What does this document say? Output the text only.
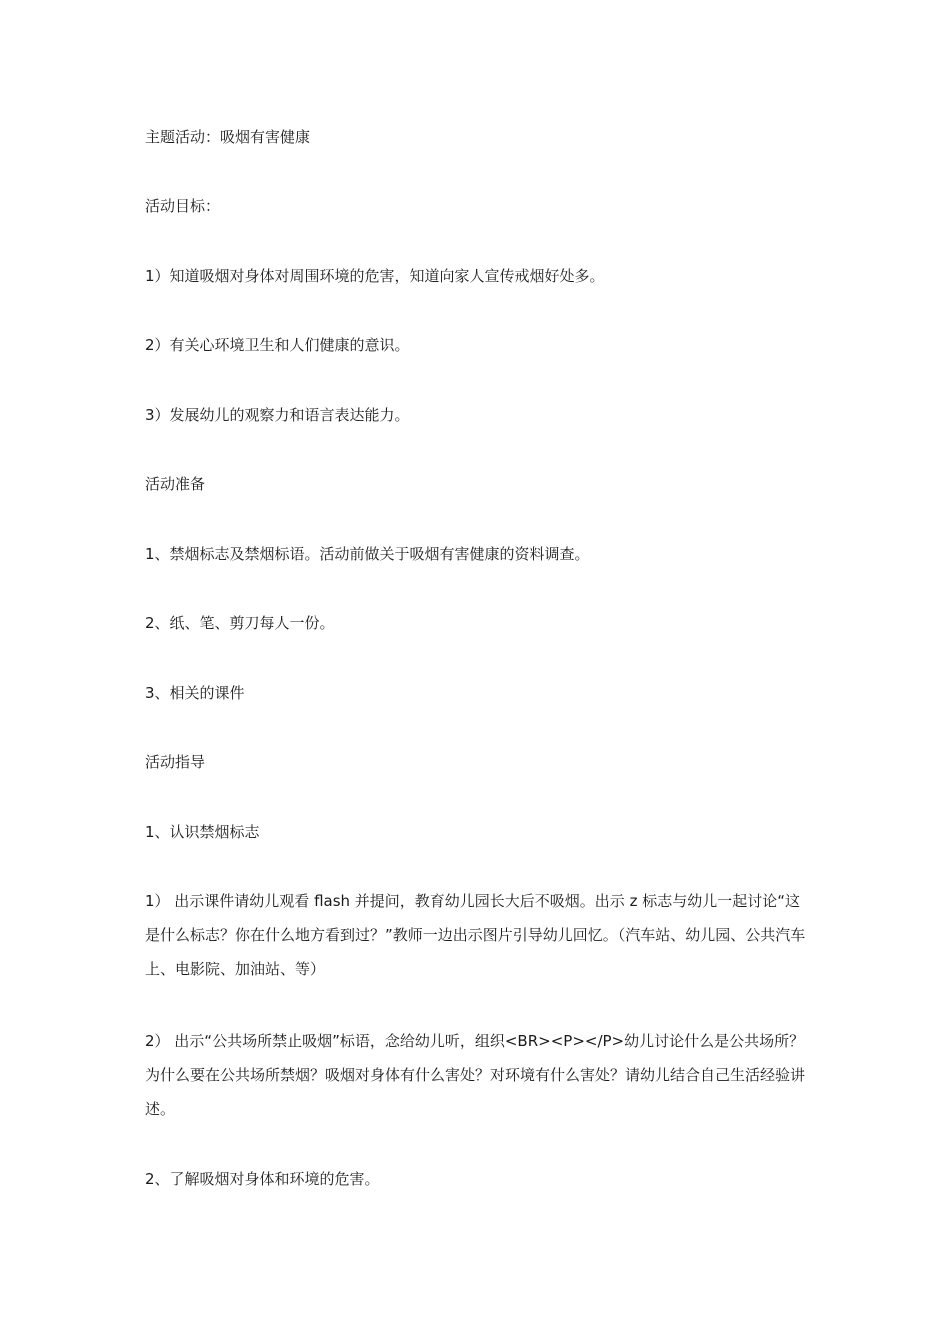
主题活动：吸烟有害健康

活动目标：

1）知道吸烟对身体对周围环境的危害，知道向家人宣传戒烟好处多。

2）有关心环境卫生和人们健康的意识。

3）发展幼儿的观察力和语言表达能力。

活动准备

1、禁烟标志及禁烟标语。活动前做关于吸烟有害健康的资料调查。

2、纸、笔、剪刀每人一份。

3、相关的课件

活动指导

1、认识禁烟标志

1） 出示课件请幼儿观看 flash 并提问，教育幼儿园长大后不吸烟。出示 z 标志与幼儿一起讨论“这是什么标志？你在什么地方看到过？”教师一边出示图片引导幼儿回忆。（汽车站、幼儿园、公共汽车上、电影院、加油站、等）

2） 出示“公共场所禁止吸烟”标语，念给幼儿听，组织<BR><P></P>幼儿讨论什么是公共场所？为什么要在公共场所禁烟？吸烟对身体有什么害处？对环境有什么害处？请幼儿结合自己生活经验讲述。

2、了解吸烟对身体和环境的危害。
